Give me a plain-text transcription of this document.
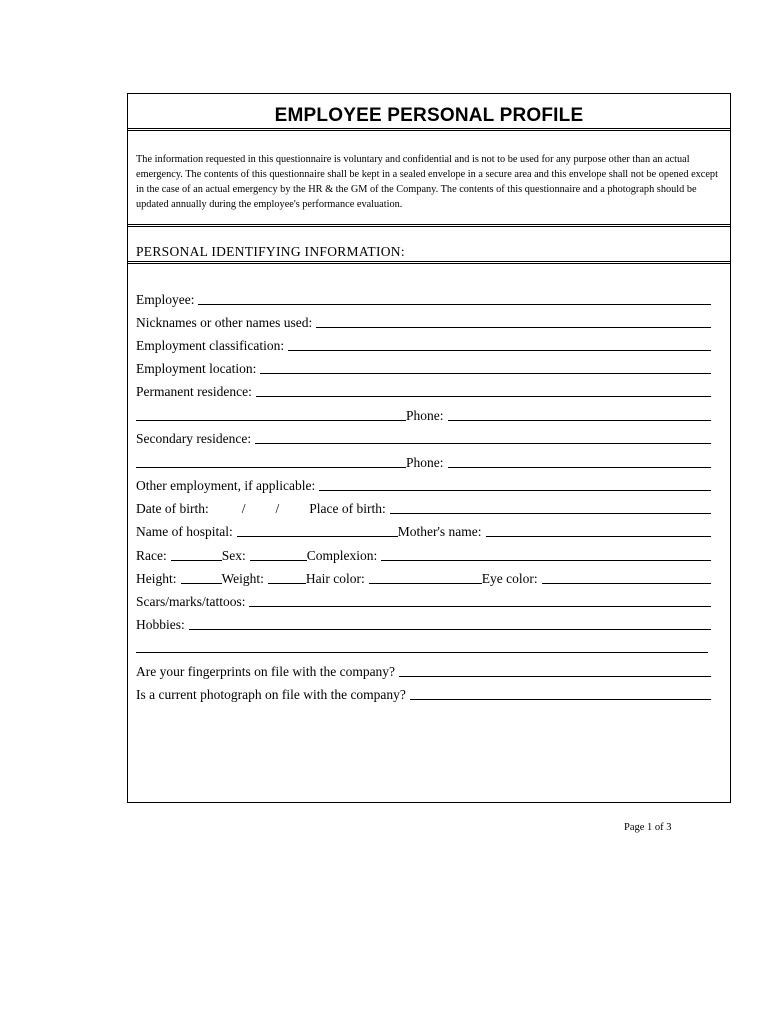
EMPLOYEE PERSONAL PROFILE
The information requested in this questionnaire is voluntary and confidential and is not to be used for any purpose other than an actual emergency. The contents of this questionnaire shall be kept in a sealed envelope in a secure area and this envelope shall not be opened except in the case of an actual emergency by the HR & the GM of the Company. The contents of this questionnaire and a photograph should be updated annually during the employee's performance evaluation.
PERSONAL IDENTIFYING INFORMATION:
Employee:
Nicknames or other names used:
Employment classification:
Employment location:
Permanent residence:
Phone:
Secondary residence:
Phone:
Other employment, if applicable:
Date of birth: / / Place of birth:
Name of hospital:	Mother's name:
Race:	Sex:	Complexion:
Height:	Weight:	Hair color:	Eye color:
Scars/marks/tattoos:
Hobbies:
Are your fingerprints on file with the company?
Is a current photograph on file with the company?
Page 1 of 3
